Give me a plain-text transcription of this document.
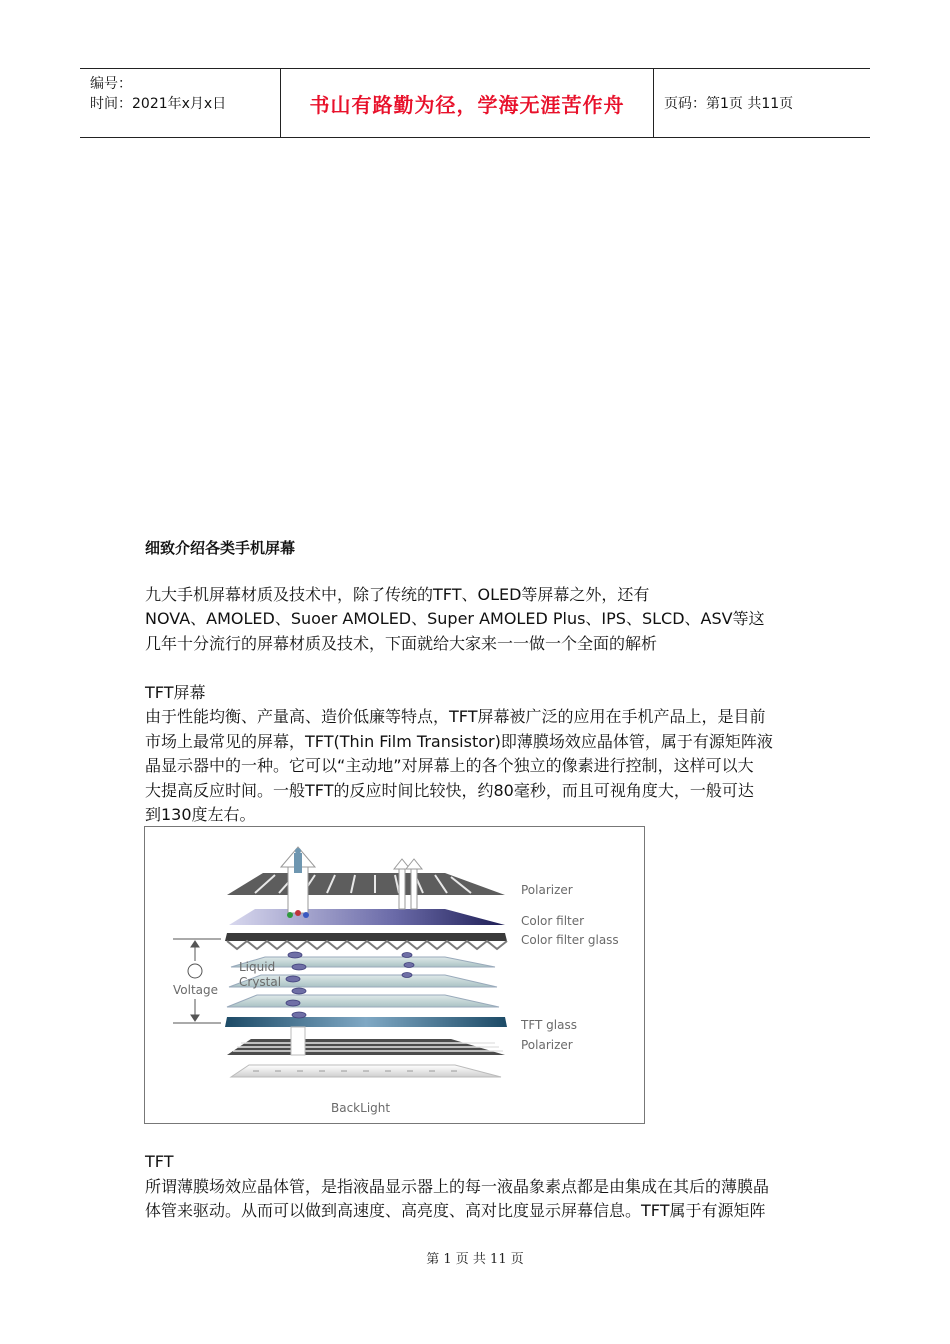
编号：
时间：2021年x月x日	书山有路勤为径，学海无涯苦作舟	页码：第1页 共11页
细致介绍各类手机屏幕
九大手机屏幕材质及技术中，除了传统的TFT、OLED等屏幕之外，还有
NOVA、AMOLED、Suoer AMOLED、Super AMOLED Plus、IPS、SLCD、ASV等这
几年十分流行的屏幕材质及技术，下面就给大家来一一做一个全面的解析
TFT屏幕
由于性能均衡、产量高、造价低廉等特点，TFT屏幕被广泛的应用在手机产品上，是目前
市场上最常见的屏幕，TFT(Thin Film Transistor)即薄膜场效应晶体管，属于有源矩阵液
晶显示器中的一种。它可以“主动地”对屏幕上的各个独立的像素进行控制，这样可以大
大提高反应时间。一般TFT的反应时间比较快，约80毫秒，而且可视角度大，一般可达
到130度左右。
Polarizer
Color filter
Color filter glass
Liquid
Crystal
Voltage
TFT glass
Polarizer
BackLight
TFT
所谓薄膜场效应晶体管，是指液晶显示器上的每一液晶象素点都是由集成在其后的薄膜晶
体管来驱动。从而可以做到高速度、高亮度、高对比度显示屏幕信息。TFT属于有源矩阵
第 1 页 共 11 页
